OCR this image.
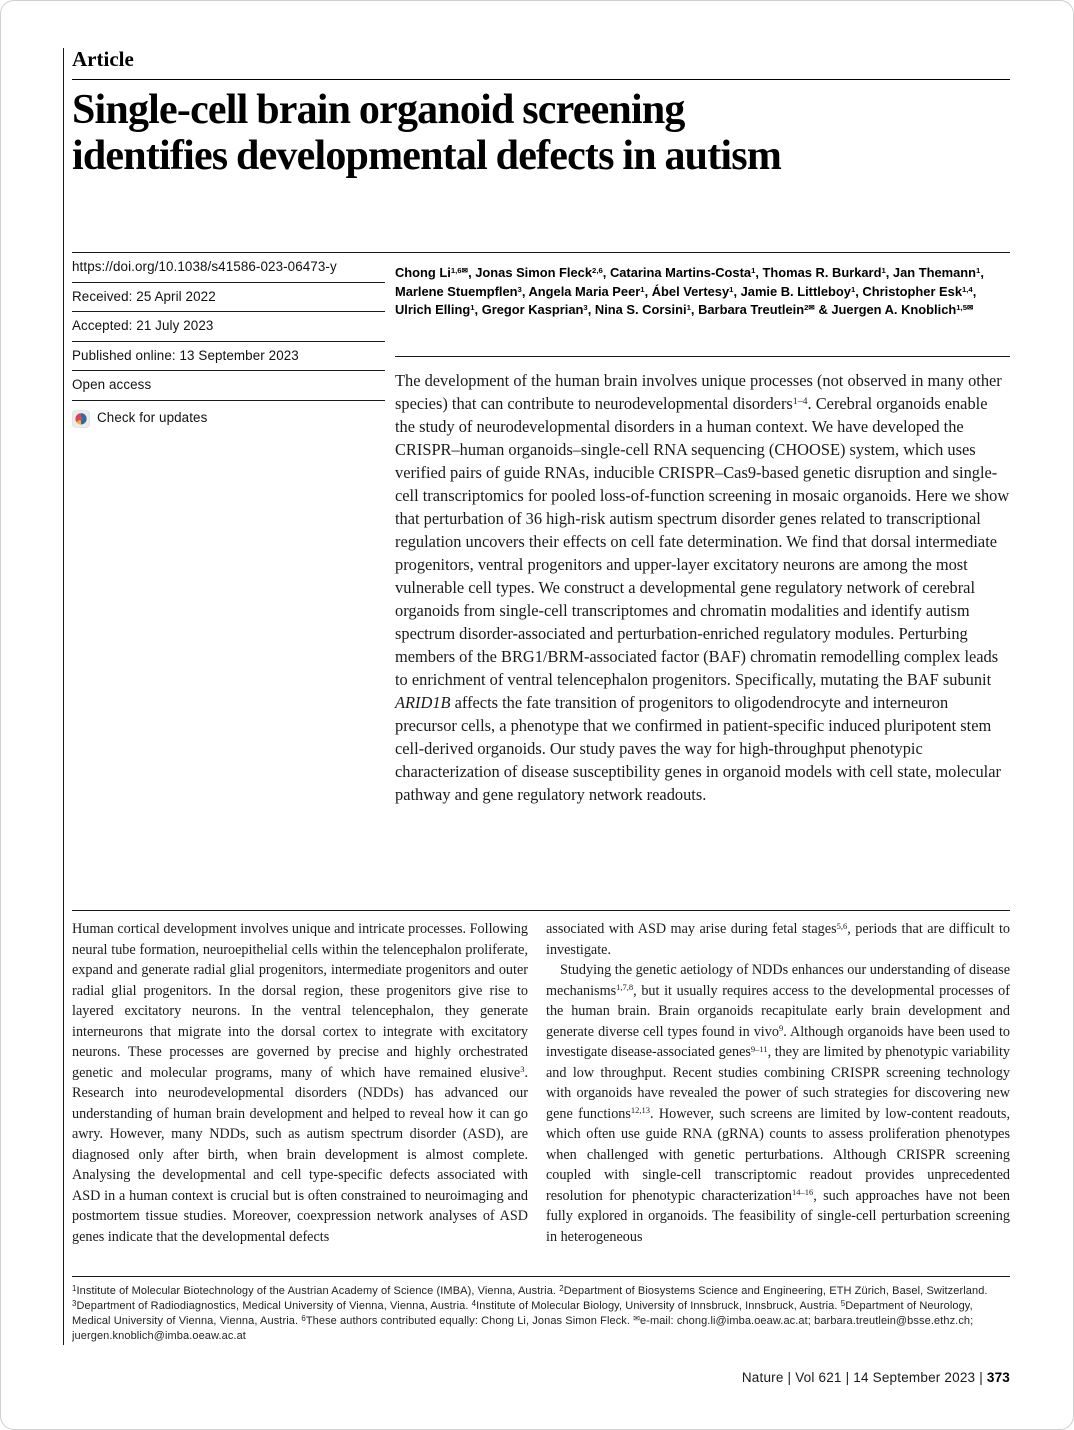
Article
Single-cell brain organoid screening
identifies developmental defects in autism
https://doi.org/10.1038/s41586-023-06473-y
Received: 25 April 2022
Accepted: 21 July 2023
Published online: 13 September 2023
Open access
Check for updates
Chong $Li^{1,6✉}$, Jonas Simon Fleck$^{2,6}$, Catarina Martins-Costa$^1$, Thomas R. Burkard$^1$, Jan Themann$^1$, Marlene Stuempflen$^3$, Angela Maria Peer$^1$, Ábel Vertesy$^1$, Jamie B. Littleboy$^1$, Christopher Esk$^{1,4}$, Ulrich Elling$^1$, Gregor Kasprian$^3$, Nina S. Corsini$^1$, Barbara Treutlein$^{2✉}$ & Juergen A. Knoblich$^{1,5✉}$
The development of the human brain involves unique processes (not observed in many other species) that can contribute to neurodevelopmental disorders$^{1-4}$. Cerebral organoids enable the study of neurodevelopmental disorders in a human context. We have developed the CRISPR–human organoids–single-cell RNA sequencing (CHOOSE) system, which uses verified pairs of guide RNAs, inducible CRISPR–Cas9-based genetic disruption and single-cell transcriptomics for pooled loss-of-function screening in mosaic organoids. Here we show that perturbation of 36 high-risk autism spectrum disorder genes related to transcriptional regulation uncovers their effects on cell fate determination. We find that dorsal intermediate progenitors, ventral progenitors and upper-layer excitatory neurons are among the most vulnerable cell types. We construct a developmental gene regulatory network of cerebral organoids from single-cell transcriptomes and chromatin modalities and identify autism spectrum disorder-associated and perturbation-enriched regulatory modules. Perturbing members of the BRG1/BRM-associated factor (BAF) chromatin remodelling complex leads to enrichment of ventral telencephalon progenitors. Specifically, mutating the BAF subunit ARID1B affects the fate transition of progenitors to oligodendrocyte and interneuron precursor cells, a phenotype that we confirmed in patient-specific induced pluripotent stem cell-derived organoids. Our study paves the way for high-throughput phenotypic characterization of disease susceptibility genes in organoid models with cell state, molecular pathway and gene regulatory network readouts.

Human cortical development involves unique and intricate processes. Following neural tube formation, neuroepithelial cells within the telencephalon proliferate, expand and generate radial glial progenitors, intermediate progenitors and outer radial glial progenitors. In the dorsal region, these progenitors give rise to layered excitatory neurons. In the ventral telencephalon, they generate interneurons that migrate into the dorsal cortex to integrate with excitatory neurons. These processes are governed by precise and highly orchestrated genetic and molecular programs, many of which have remained elusive$^3$. Research into neurodevelopmental disorders (NDDs) has advanced our understanding of human brain development and helped to reveal how it can go awry. However, many NDDs, such as autism spectrum disorder (ASD), are diagnosed only after birth, when brain development is almost complete. Analysing the developmental and cell type-specific defects associated with ASD in a human context is crucial but is often constrained to neuroimaging and postmortem tissue studies. Moreover, coexpression network analyses of ASD genes indicate that the developmental defects

associated with ASD may arise during fetal stages$^{5,6}$, periods that are difficult to investigate.

Studying the genetic aetiology of NDDs enhances our understanding of disease mechanisms$^{1,7,8}$, but it usually requires access to the developmental processes of the human brain. Brain organoids recapitulate early brain development and generate diverse cell types found in vivo$^9$. Although organoids have been used to investigate disease-associated genes$^{9-11}$, they are limited by phenotypic variability and low throughput. Recent studies combining CRISPR screening technology with organoids have revealed the power of such strategies for discovering new gene functions$^{12,13}$. However, such screens are limited by low-content readouts, which often use guide RNA (gRNA) counts to assess proliferation phenotypes when challenged with genetic perturbations. Although CRISPR screening coupled with single-cell transcriptomic readout provides unprecedented resolution for phenotypic characterization$^{14-16}$, such approaches have not been fully explored in organoids. The feasibility of single-cell perturbation screening in heterogeneous

$^1$Institute of Molecular Biotechnology of the Austrian Academy of Science (IMBA), Vienna, Austria. $^2$Department of Biosystems Science and Engineering, ETH Zürich, Basel, Switzerland. $^3$Department of Radiodiagnostics, Medical University of Vienna, Vienna, Austria. $^4$Institute of Molecular Biology, University of Innsbruck, Innsbruck, Austria. $^5$Department of Neurology, Medical University of Vienna, Vienna, Austria. $^6$These authors contributed equally: Chong Li, Jonas Simon Fleck. ✉e-mail: chong.li@imba.oeaw.ac.at; barbara.treutlein@bsse.ethz.ch; juergen.knoblich@imba.oeaw.ac.at
Nature | Vol 621 | 14 September 2023 | 373
